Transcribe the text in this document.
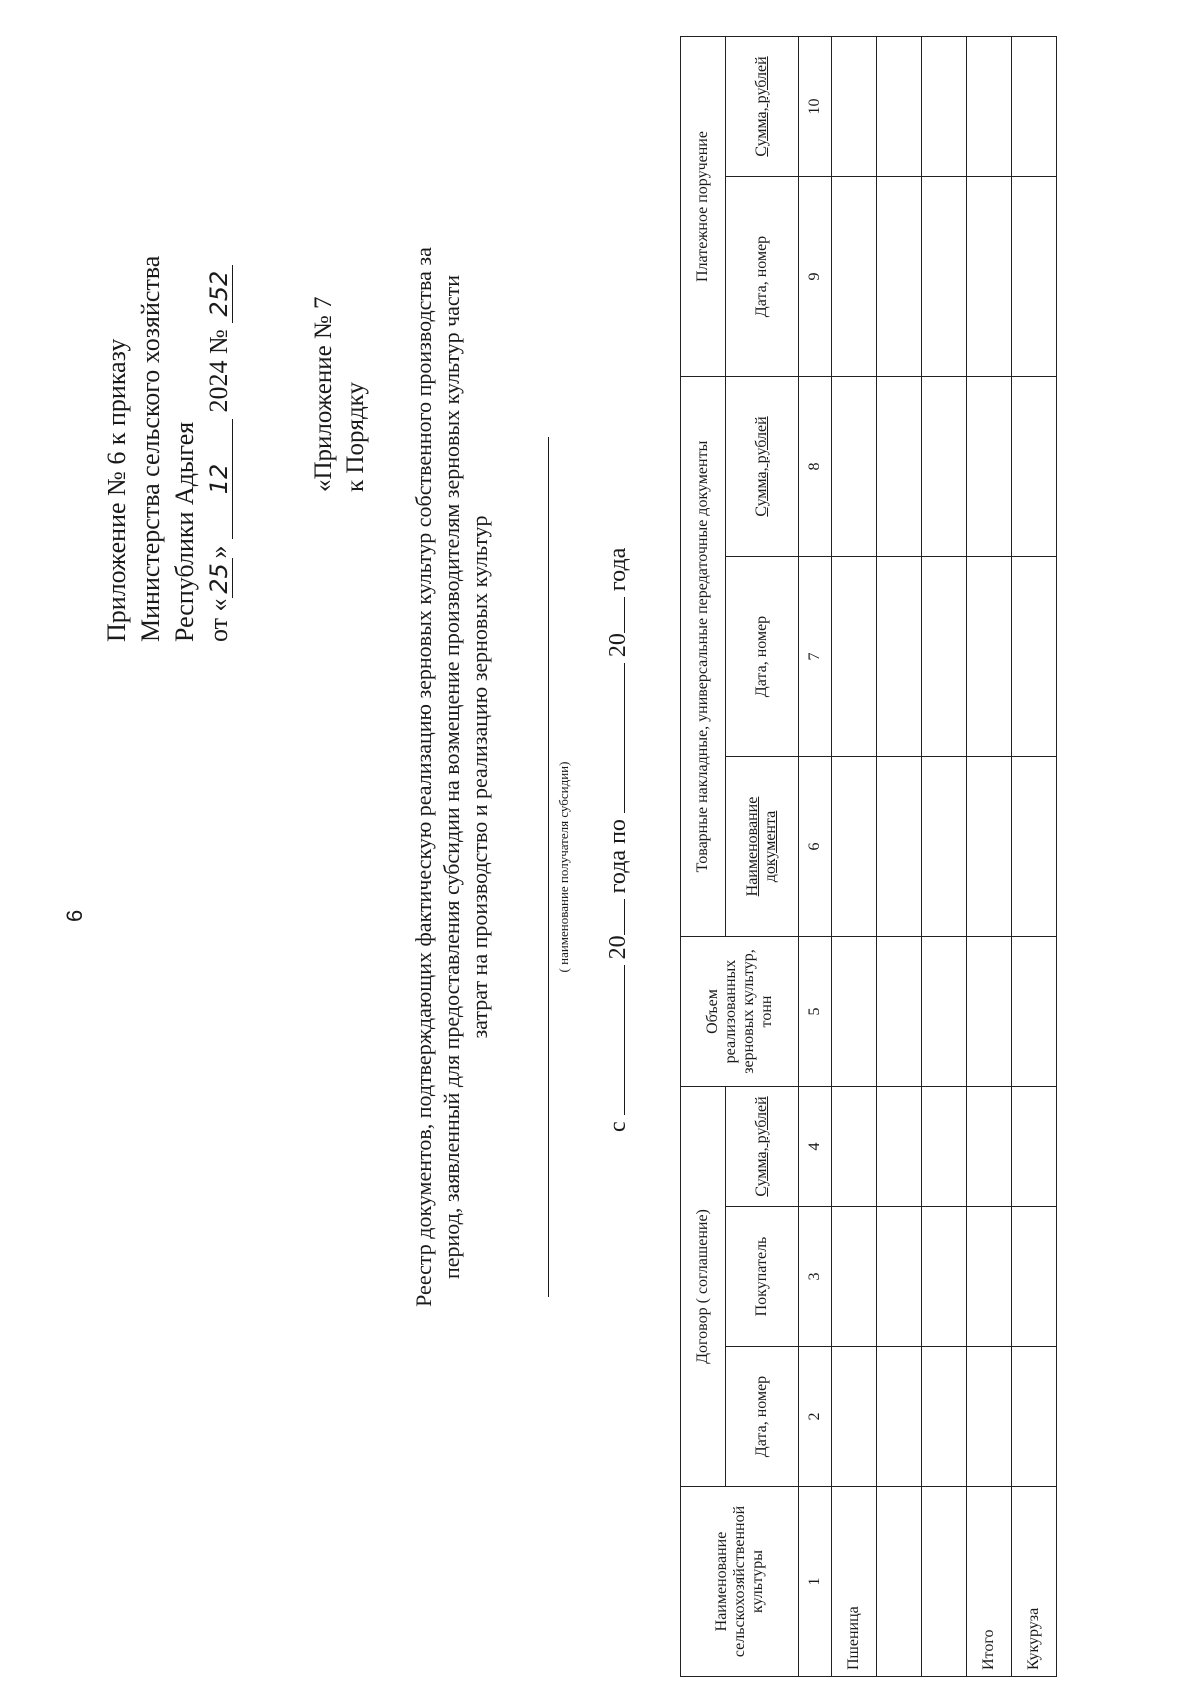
6
Приложение № 6 к приказу Министерства сельского хозяйства Республики Адыгея от «25» 12 2024 № 252
«Приложение № 7 к Порядку Реестр документов, подтверждающих фактическую реализацию зерновых культур собственного производства за период, заявленный для предоставления субсидии на возмещение производителям зерновых культур части затрат на производство и реализацию зерновых культур	( наименование получателя субсидии)
с  20 года по  20 года
Наименование сельскохозяйственной культуры	Договор ( соглашение)			Объем реализованных зерновых культур, тонн	Товарные накладные, универсальные передаточные документы			Платежное поручение	
	Дата, номер	Покупатель	Сумма, рублей		Наименование документа	Дата, номер	Сумма, рублей	Дата, номер	Сумма, рублей
1	2	3	4	5	6	7	8	9	10
Пшеница									

Итого									
Кукуруза									
